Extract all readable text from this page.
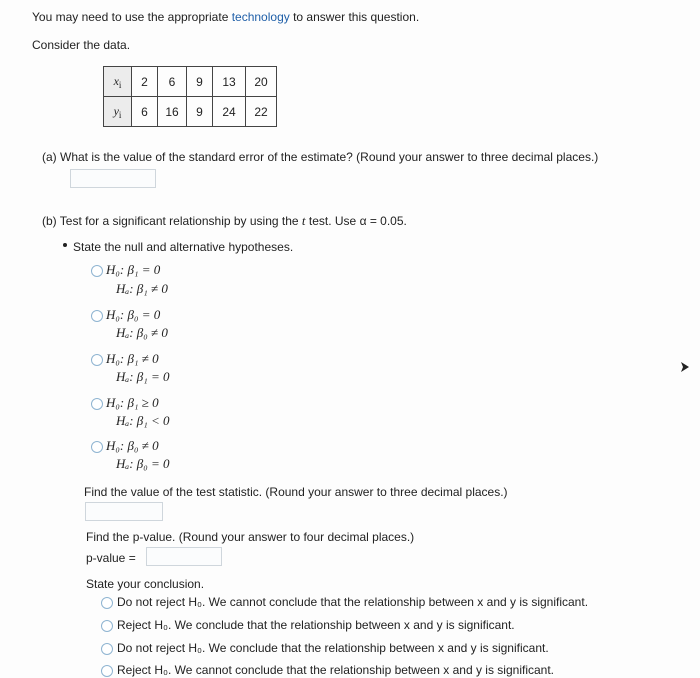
You may need to use the appropriate technology to answer this question.
Consider the data.
$x_i$	2	6	9	13	20
$y_i$	6	16	9	24	22
(a) What is the value of the standard error of the estimate? (Round your answer to three decimal places.)
(b) Test for a significant relationship by using the t test. Use α = 0.05.
State the null and alternative hypotheses.
H₀: β₁ = 0
Hₐ: β₁ ≠ 0
H₀: β₀ = 0
Hₐ: β₀ ≠ 0
H₀: β₁ ≠ 0
Hₐ: β₁ = 0
H₀: β₁ ≥ 0
Hₐ: β₁ < 0
H₀: β₀ ≠ 0
Hₐ: β₀ = 0
Find the value of the test statistic. (Round your answer to three decimal places.)
Find the p-value. (Round your answer to four decimal places.)
p-value =
State your conclusion.
Do not reject H₀. We cannot conclude that the relationship between x and y is significant.
Reject H₀. We conclude that the relationship between x and y is significant.
Do not reject H₀. We conclude that the relationship between x and y is significant.
Reject H₀. We cannot conclude that the relationship between x and y is significant.
